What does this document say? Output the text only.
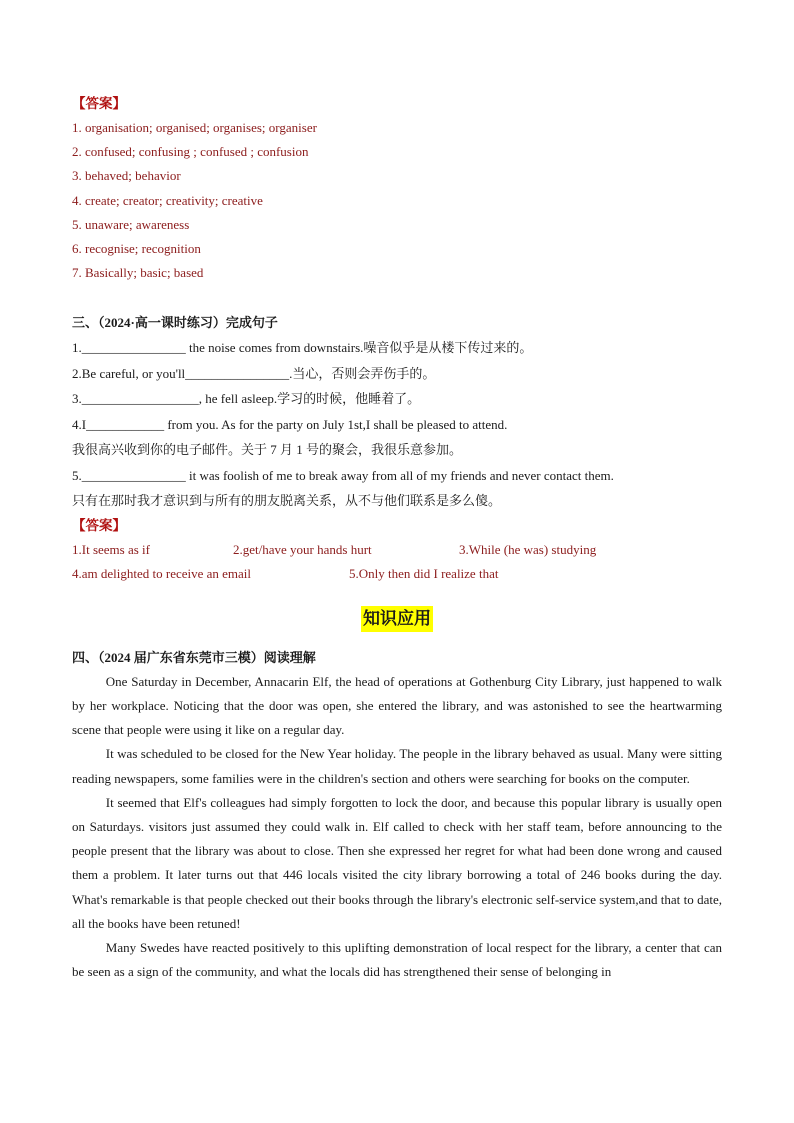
【答案】
1. organisation; organised; organises; organiser
2. confused; confusing ; confused ; confusion
3. behaved; behavior
4. create; creator; creativity; creative
5. unaware; awareness
6. recognise; recognition
7. Basically; basic; based
三、（2024·高一课时练习）完成句子
1.________________ the noise comes from downstairs.噪音似乎是从楼下传过来的。
2.Be careful, or you'll________________.当心，否则会弄伤手的。
3.__________________, he fell asleep.学习的时候，他睡着了。
4.I____________ from you. As for the party on July 1st,I shall be pleased to attend.
我很高兴收到你的电子邮件。关于 7 月 1 号的聚会，我很乐意参加。
5.________________ it was foolish of me to break away from all of my friends and never contact them.
只有在那时我才意识到与所有的朋友脱离关系，从不与他们联系是多么傻。
【答案】
1.It seems as if	2.get/have your hands hurt	3.While (he was) studying
4.am delighted to receive an email	5.Only then did I realize that
知识应用
四、（2024 届广东省东莞市三模）阅读理解

One Saturday in December, Annacarin Elf, the head of operations at Gothenburg City Library, just happened to walk by her workplace. Noticing that the door was open, she entered the library, and was astonished to see the heartwarming scene that people were using it like on a regular day.

It was scheduled to be closed for the New Year holiday. The people in the library behaved as usual. Many were sitting reading newspapers, some families were in the children's section and others were searching for books on the computer.

It seemed that Elf's colleagues had simply forgotten to lock the door, and because this popular library is usually open on Saturdays. visitors just assumed they could walk in. Elf called to check with her staff team, before announcing to the people present that the library was about to close. Then she expressed her regret for what had been done wrong and caused them a problem. It later turns out that 446 locals visited the city library borrowing a total of 246 books during the day. What's remarkable is that people checked out their books through the library's electronic self-service system,and that to date, all the books have been retuned!

Many Swedes have reacted positively to this uplifting demonstration of local respect for the library, a center that can be seen as a sign of the community, and what the locals did has strengthened their sense of belonging in
